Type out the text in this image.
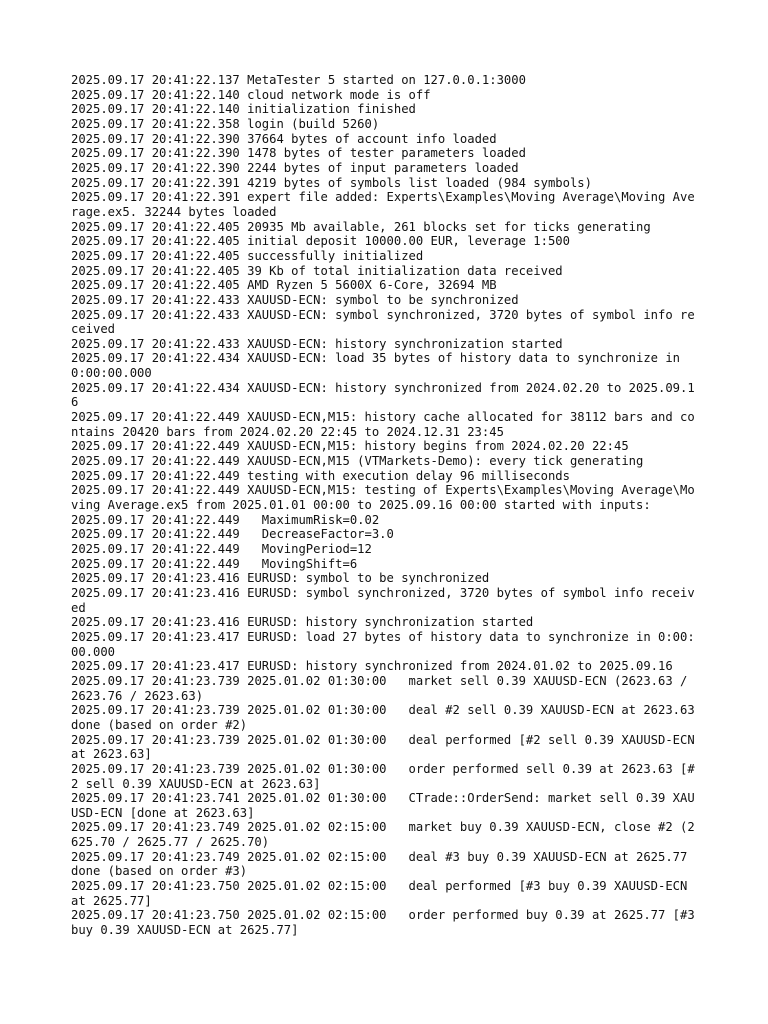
2025.09.17 20:41:22.137 MetaTester 5 started on 127.0.0.1:3000
2025.09.17 20:41:22.140 cloud network mode is off
2025.09.17 20:41:22.140 initialization finished
2025.09.17 20:41:22.358 login (build 5260)
2025.09.17 20:41:22.390 37664 bytes of account info loaded
2025.09.17 20:41:22.390 1478 bytes of tester parameters loaded
2025.09.17 20:41:22.390 2244 bytes of input parameters loaded
2025.09.17 20:41:22.391 4219 bytes of symbols list loaded (984 symbols)
2025.09.17 20:41:22.391 expert file added: Experts\Examples\Moving Average\Moving Average.ex5. 32244 bytes loaded
2025.09.17 20:41:22.405 20935 Mb available, 261 blocks set for ticks generating
2025.09.17 20:41:22.405 initial deposit 10000.00 EUR, leverage 1:500
2025.09.17 20:41:22.405 successfully initialized
2025.09.17 20:41:22.405 39 Kb of total initialization data received
2025.09.17 20:41:22.405 AMD Ryzen 5 5600X 6-Core, 32694 MB
2025.09.17 20:41:22.433 XAUUSD-ECN: symbol to be synchronized
2025.09.17 20:41:22.433 XAUUSD-ECN: symbol synchronized, 3720 bytes of symbol info received
2025.09.17 20:41:22.433 XAUUSD-ECN: history synchronization started
2025.09.17 20:41:22.434 XAUUSD-ECN: load 35 bytes of history data to synchronize in 0:00:00.000
2025.09.17 20:41:22.434 XAUUSD-ECN: history synchronized from 2024.02.20 to 2025.09.16
2025.09.17 20:41:22.449 XAUUSD-ECN,M15: history cache allocated for 38112 bars and contains 20420 bars from 2024.02.20 22:45 to 2024.12.31 23:45
2025.09.17 20:41:22.449 XAUUSD-ECN,M15: history begins from 2024.02.20 22:45
2025.09.17 20:41:22.449 XAUUSD-ECN,M15 (VTMarkets-Demo): every tick generating
2025.09.17 20:41:22.449 testing with execution delay 96 milliseconds
2025.09.17 20:41:22.449 XAUUSD-ECN,M15: testing of Experts\Examples\Moving Average\Moving Average.ex5 from 2025.01.01 00:00 to 2025.09.16 00:00 started with inputs:
2025.09.17 20:41:22.449   MaximumRisk=0.02
2025.09.17 20:41:22.449   DecreaseFactor=3.0
2025.09.17 20:41:22.449   MovingPeriod=12
2025.09.17 20:41:22.449   MovingShift=6
2025.09.17 20:41:23.416 EURUSD: symbol to be synchronized
2025.09.17 20:41:23.416 EURUSD: symbol synchronized, 3720 bytes of symbol info received
2025.09.17 20:41:23.416 EURUSD: history synchronization started
2025.09.17 20:41:23.417 EURUSD: load 27 bytes of history data to synchronize in 0:00:00.000
2025.09.17 20:41:23.417 EURUSD: history synchronized from 2024.01.02 to 2025.09.16
2025.09.17 20:41:23.739 2025.01.02 01:30:00   market sell 0.39 XAUUSD-ECN (2623.63 / 2623.76 / 2623.63)
2025.09.17 20:41:23.739 2025.01.02 01:30:00   deal #2 sell 0.39 XAUUSD-ECN at 2623.63 done (based on order #2)
2025.09.17 20:41:23.739 2025.01.02 01:30:00   deal performed [#2 sell 0.39 XAUUSD-ECN at 2623.63]
2025.09.17 20:41:23.739 2025.01.02 01:30:00   order performed sell 0.39 at 2623.63 [#2 sell 0.39 XAUUSD-ECN at 2623.63]
2025.09.17 20:41:23.741 2025.01.02 01:30:00   CTrade::OrderSend: market sell 0.39 XAUUSD-ECN [done at 2623.63]
2025.09.17 20:41:23.749 2025.01.02 02:15:00   market buy 0.39 XAUUSD-ECN, close #2 (2625.70 / 2625.77 / 2625.70)
2025.09.17 20:41:23.749 2025.01.02 02:15:00   deal #3 buy 0.39 XAUUSD-ECN at 2625.77 done (based on order #3)
2025.09.17 20:41:23.750 2025.01.02 02:15:00   deal performed [#3 buy 0.39 XAUUSD-ECN at 2625.77]
2025.09.17 20:41:23.750 2025.01.02 02:15:00   order performed buy 0.39 at 2625.77 [#3 buy 0.39 XAUUSD-ECN at 2625.77]
